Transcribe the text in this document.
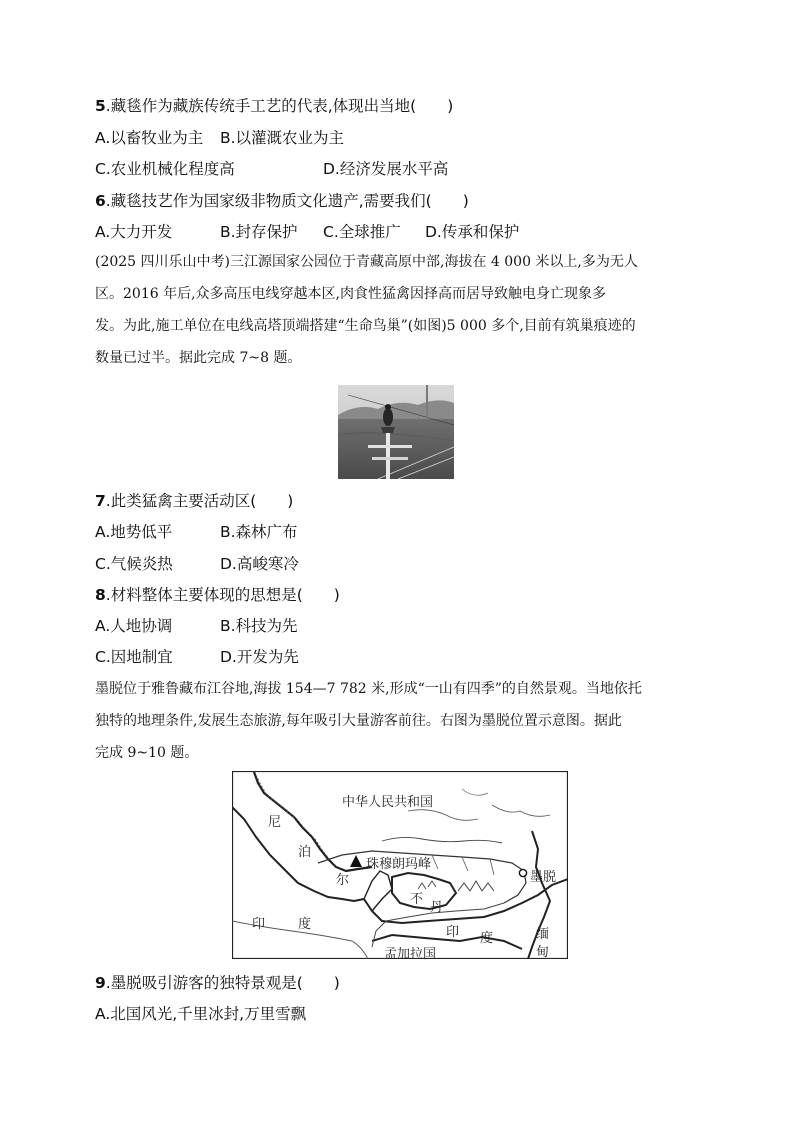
5.藏毯作为藏族传统手工艺的代表,体现出当地(　　)
A.以畜牧业为主 B.以灌溉农业为主
C.农业机械化程度高	D.经济发展水平高
6.藏毯技艺作为国家级非物质文化遗产,需要我们(　　)
A.大力开发	B.封存保护 C.全球推广 D.传承和保护
(2025 四川乐山中考)三江源国家公园位于青藏高原中部,海拔在 4 000 米以上,多为无人
区。2016 年后,众多高压电线穿越本区,肉食性猛禽因择高而居导致触电身亡现象多
发。为此,施工单位在电线高塔顶端搭建“生命鸟巢”(如图)5 000 多个,目前有筑巢痕迹的
数量已过半。据此完成 7~8 题。
7.此类猛禽主要活动区(　　)
A.地势低平	B.森林广布
C.气候炎热	D.高峻寒冷
8.材料整体主要体现的思想是(　　)
A.人地协调	B.科技为先
C.因地制宜	D.开发为先
墨脱位于雅鲁藏布江谷地,海拔 154—7 782 米,形成“一山有四季”的自然景观。当地依托
独特的地理条件,发展生态旅游,每年吸引大量游客前往。右图为墨脱位置示意图。据此
完成 9~10 题。
中华人民共和国
尼
泊
尔
珠穆朗玛峰
墨脱
不
丹
印	度
印 度	缅
甸
孟加拉国
9.墨脱吸引游客的独特景观是(　　)
A.北国风光,千里冰封,万里雪飘
